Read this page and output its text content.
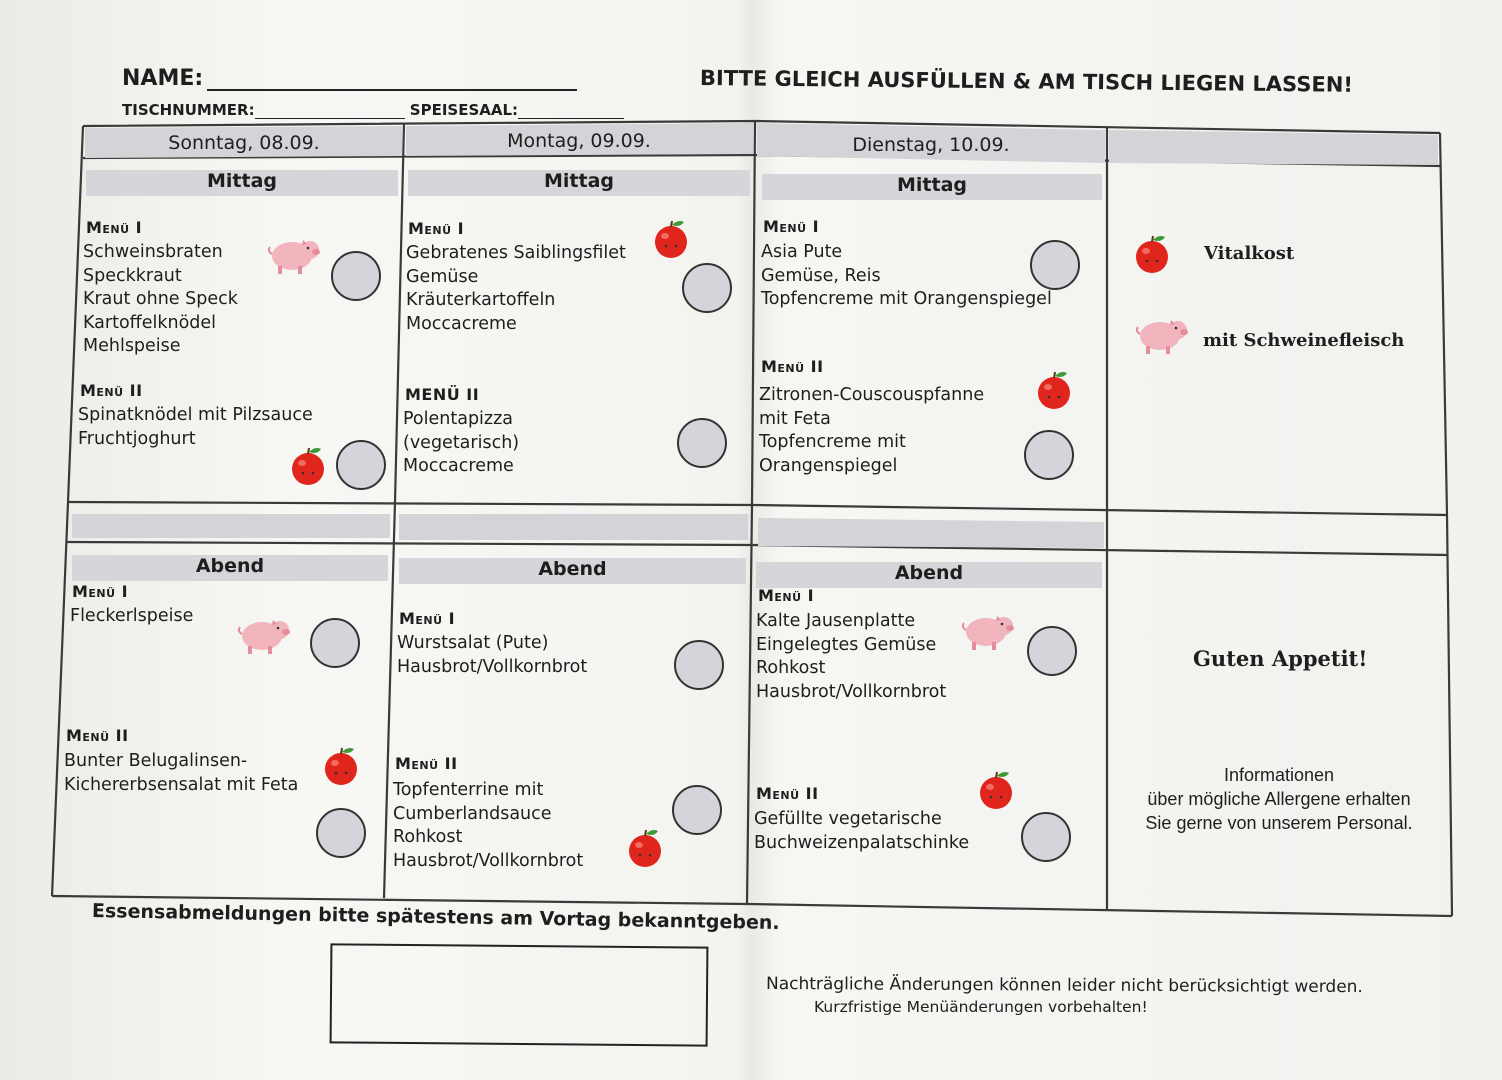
NAME:
TISCHNUMMER:	SPEISESAAL:
BITTE GLEICH AUSFÜLLEN & AM TISCH LIEGEN LASSEN!
Sonntag, 08.09.	Montag, 09.09.	Dienstag, 10.09.
Mittag
Menü I
Schweinsbraten
Speckkraut
Kraut ohne Speck
Kartoffelknödel
Mehlspeise
Menü II
Spinatknödel mit Pilzsauce
Fruchtjoghurt
Mittag
Menü I
Gebratenes Saiblingsfilet
Gemüse
Kräuterkartoffeln
Moccacreme
MENÜ II
Polentapizza
(vegetarisch)
Moccacreme
Mittag
Menü I
Asia Pute
Gemüse, Reis
Topfencreme mit Orangenspiegel
Menü II
Zitronen-Couscouspfanne
mit Feta
Topfencreme mit
Orangenspiegel
Vitalkost
mit Schweinefleisch
Abend
Menü I
Fleckerlspeise
Menü II
Bunter Belugalinsen-
Kichererbsensalat mit Feta
Abend
Menü I
Wurstsalat (Pute)
Hausbrot/Vollkornbrot
Menü II
Topfenterrine mit
Cumberlandsauce
Rohkost
Hausbrot/Vollkornbrot
Abend
Menü I
Kalte Jausenplatte
Eingelegtes Gemüse
Rohkost
Hausbrot/Vollkornbrot
Menü II
Gefüllte vegetarische
Buchweizenpalatschinke
Guten Appetit!
Informationen
über mögliche Allergene erhalten
Sie gerne von unserem Personal.
Essensabmeldungen bitte spätestens am Vortag bekanntgeben.
Nachträgliche Änderungen können leider nicht berücksichtigt werden.
Kurzfristige Menüänderungen vorbehalten!
